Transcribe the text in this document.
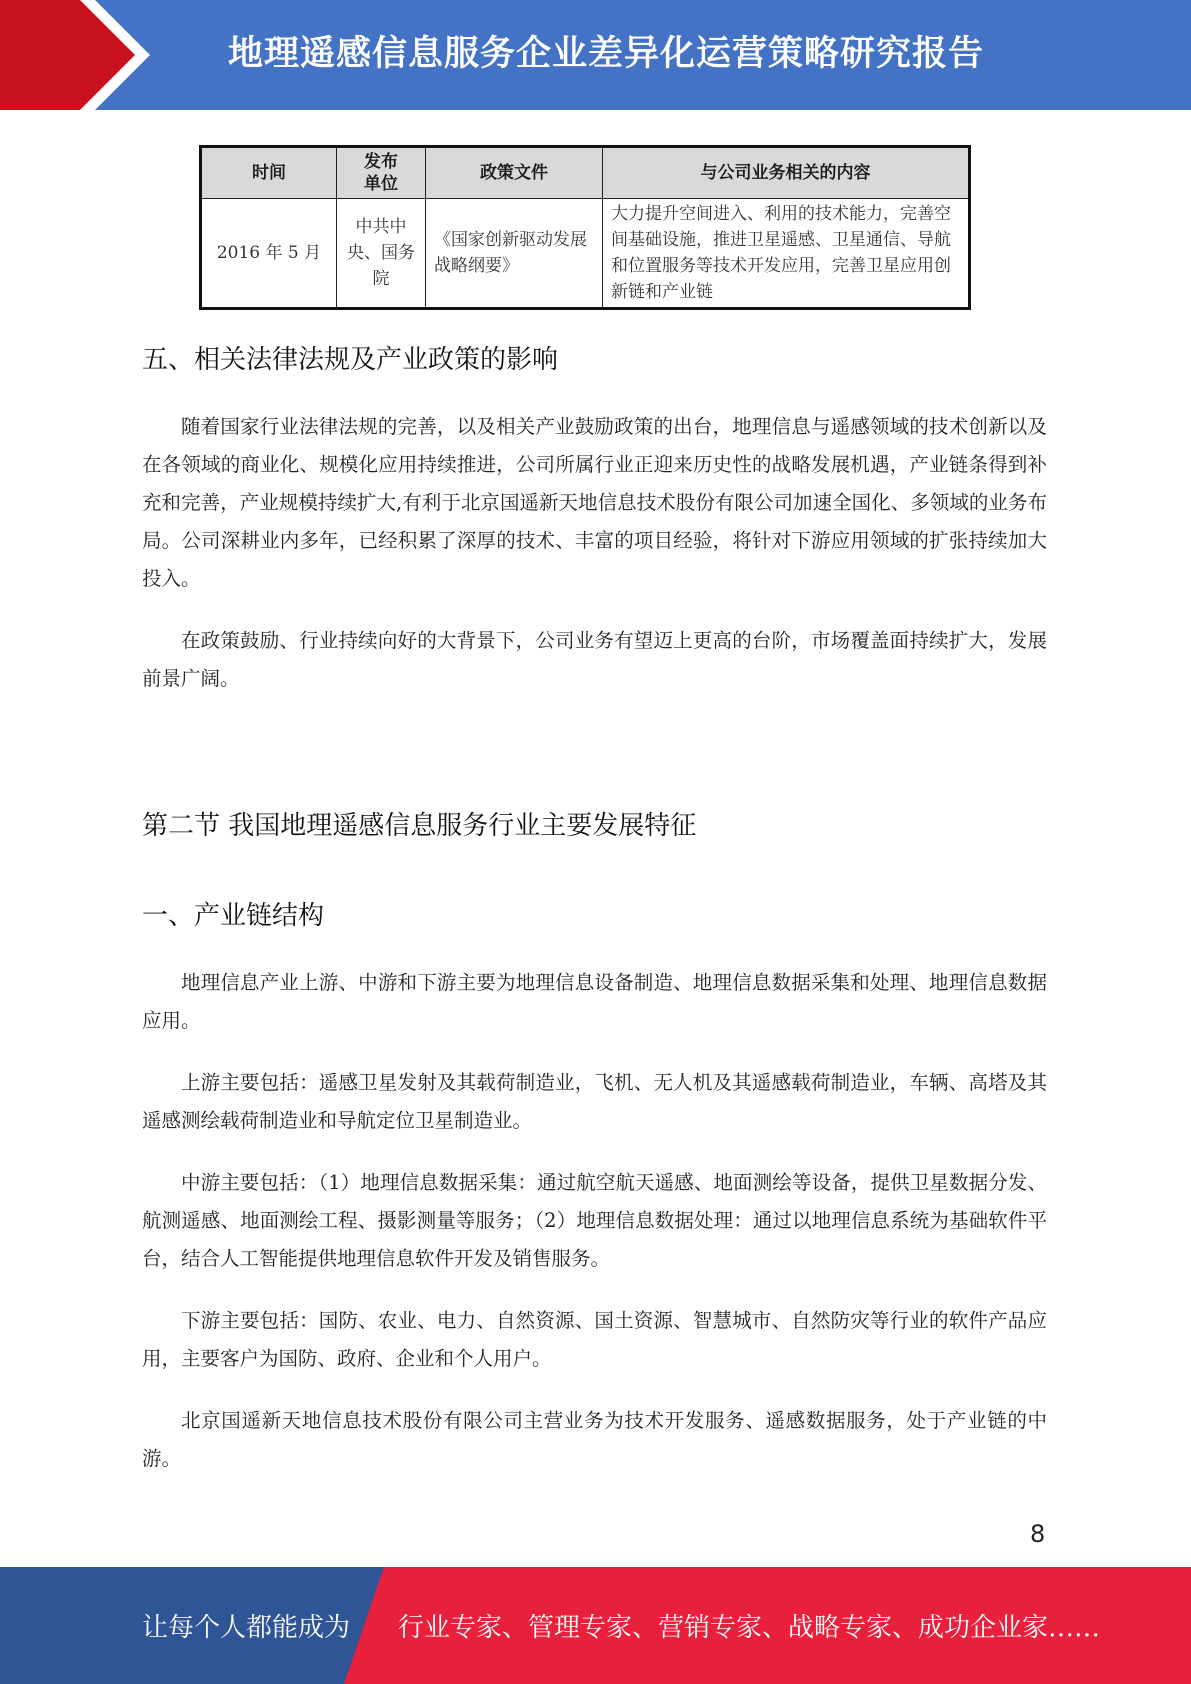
地理遥感信息服务企业差异化运营策略研究报告
时间	发布单位	政策文件	与公司业务相关的内容
2016 年 5 月	中共中央、国务院	《国家创新驱动发展战略纲要》	大力提升空间进入、利用的技术能力，完善空间基础设施，推进卫星遥感、卫星通信、导航和位置服务等技术开发应用，完善卫星应用创新链和产业链
五、相关法律法规及产业政策的影响

随着国家行业法律法规的完善，以及相关产业鼓励政策的出台，地理信息与遥感领域的技术创新以及在各领域的商业化、规模化应用持续推进，公司所属行业正迎来历史性的战略发展机遇，产业链条得到补充和完善，产业规模持续扩大,有利于北京国遥新天地信息技术股份有限公司加速全国化、多领域的业务布局。公司深耕业内多年，已经积累了深厚的技术、丰富的项目经验，将针对下游应用领域的扩张持续加大投入。

在政策鼓励、行业持续向好的大背景下，公司业务有望迈上更高的台阶，市场覆盖面持续扩大，发展前景广阔。

第二节 我国地理遥感信息服务行业主要发展特征
一、产业链结构

地理信息产业上游、中游和下游主要为地理信息设备制造、地理信息数据采集和处理、地理信息数据应用。

上游主要包括：遥感卫星发射及其载荷制造业，飞机、无人机及其遥感载荷制造业，车辆、高塔及其遥感测绘载荷制造业和导航定位卫星制造业。

中游主要包括：（1）地理信息数据采集：通过航空航天遥感、地面测绘等设备，提供卫星数据分发、航测遥感、地面测绘工程、摄影测量等服务；（2）地理信息数据处理：通过以地理信息系统为基础软件平台，结合人工智能提供地理信息软件开发及销售服务。

下游主要包括：国防、农业、电力、自然资源、国土资源、智慧城市、自然防灾等行业的软件产品应用，主要客户为国防、政府、企业和个人用户。

北京国遥新天地信息技术股份有限公司主营业务为技术开发服务、遥感数据服务，处于产业链的中游。

8
让每个人都能成为 行业专家、管理专家、营销专家、战略专家、成功企业家……
